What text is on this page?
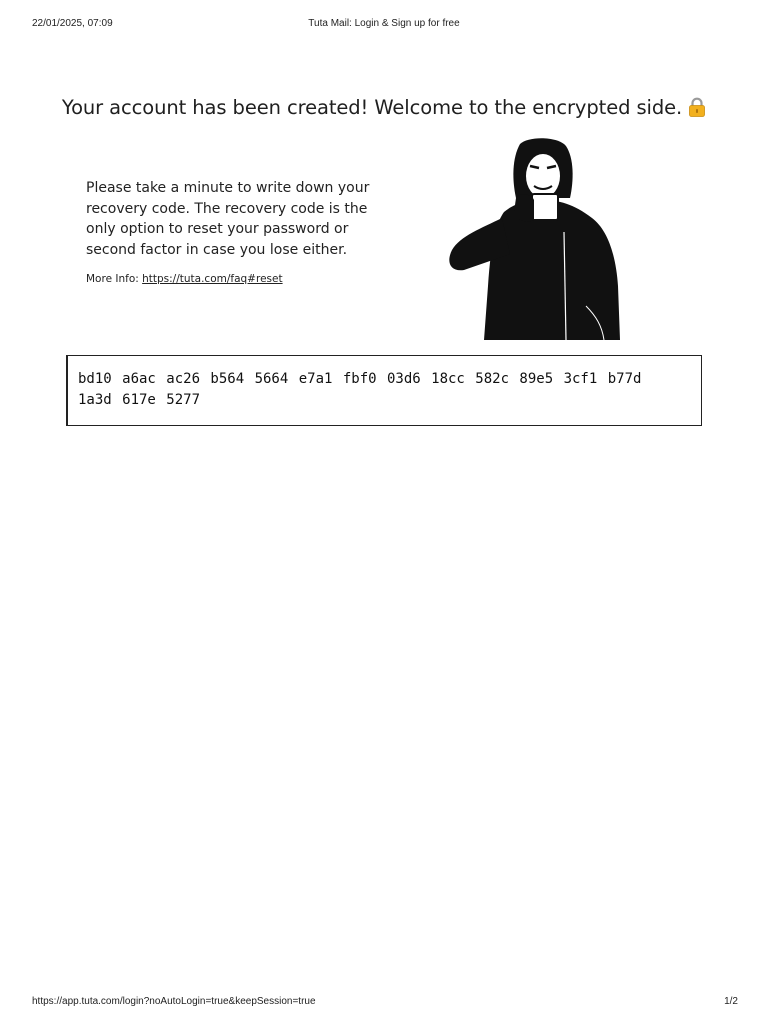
22/01/2025, 07:09	Tuta Mail: Login & Sign up for free
Your account has been created! Welcome to the encrypted side.
Please take a minute to write down your recovery code. The recovery code is the only option to reset your password or second factor in case you lose either.
More Info: https://tuta.com/faq#reset
bd10 a6ac ac26 b564 5664 e7a1 fbf0 03d6 18cc 582c 89e5 3cf1 b77d
1a3d 617e 5277
https://app.tuta.com/login?noAutoLogin=true&keepSession=true	1/2
